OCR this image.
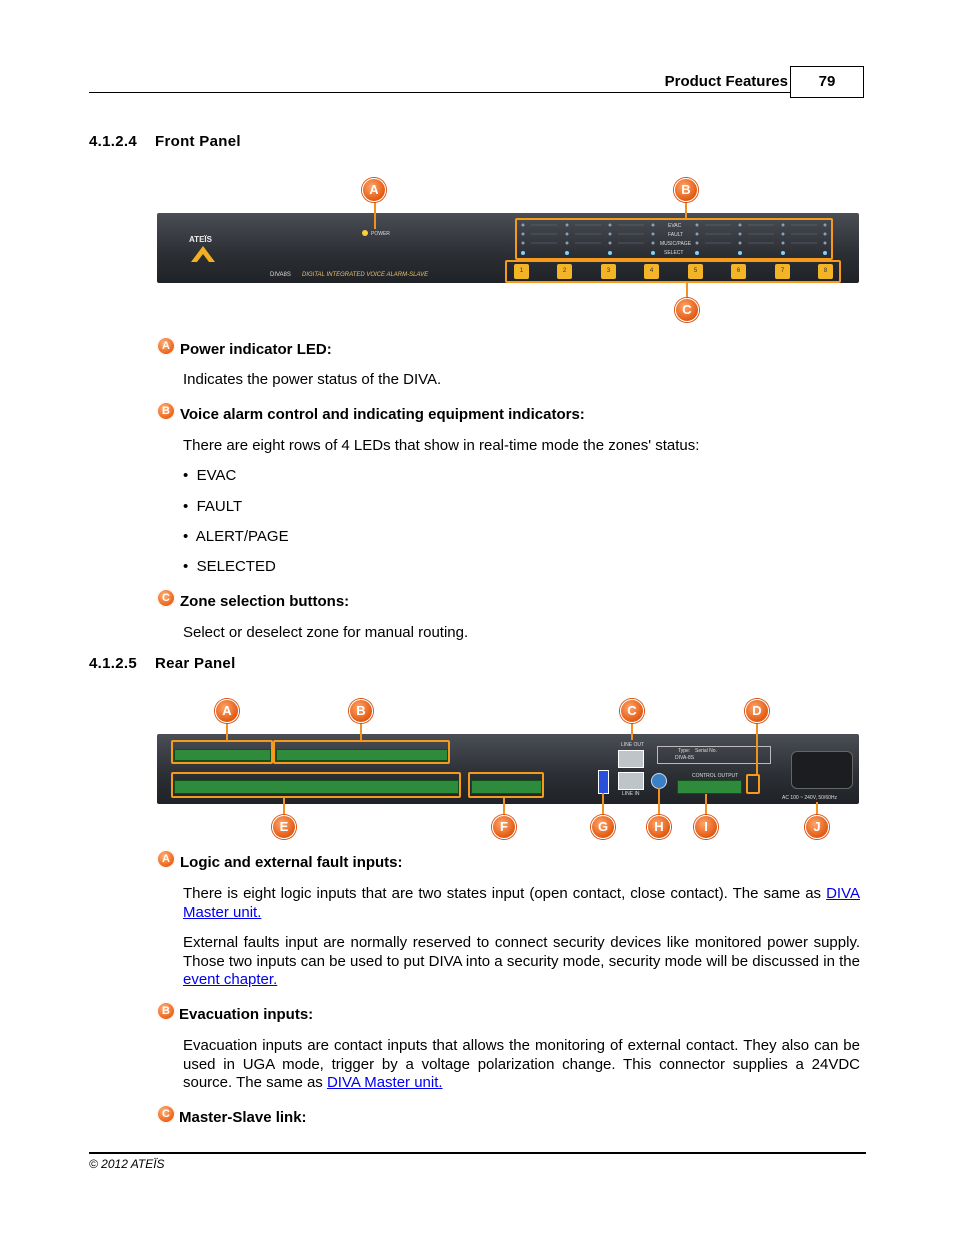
Product Features	79
4.1.2.4 Front Panel
ATEÏS
DIVA8S DIGITAL INTEGRATED VOICE ALARM-SLAVE
POWER
A
EVAC
FAULT
MUSIC/PAGE
SELECT
B
1	2	3	4	5	6	7	8
C
A Power indicator LED:
Indicates the power status of the DIVA.
B Voice alarm control and indicating equipment indicators:
There are eight rows of 4 LEDs that show in real-time mode the zones' status:
•  EVAC
•  FAULT
•  ALERT/PAGE
•  SELECTED
C Zone selection buttons:
Select or deselect zone for manual routing.
4.1.2.5 Rear Panel
LINE OUT
LINE IN
Type:
DIVA-8S
Serial No.
CONTROL OUTPUT
AC 100 ~ 240V, 50/60Hz
A	B	C	D
E	F	G	H	I	J
A Logic and external fault inputs:
There is eight logic inputs that are two states input (open contact, close contact). The same as DIVA Master unit.
External faults input are normally reserved to connect security devices like monitored power supply. Those two inputs can be used to put DIVA into a security mode, security mode will be discussed in the event chapter.
B Evacuation inputs:
Evacuation inputs are contact inputs that allows the monitoring of external contact. They also can be used in UGA mode, trigger by a voltage polarization change. This connector supplies a 24VDC source. The same as DIVA Master unit.
C Master-Slave link:
© 2012 ATEÏS
